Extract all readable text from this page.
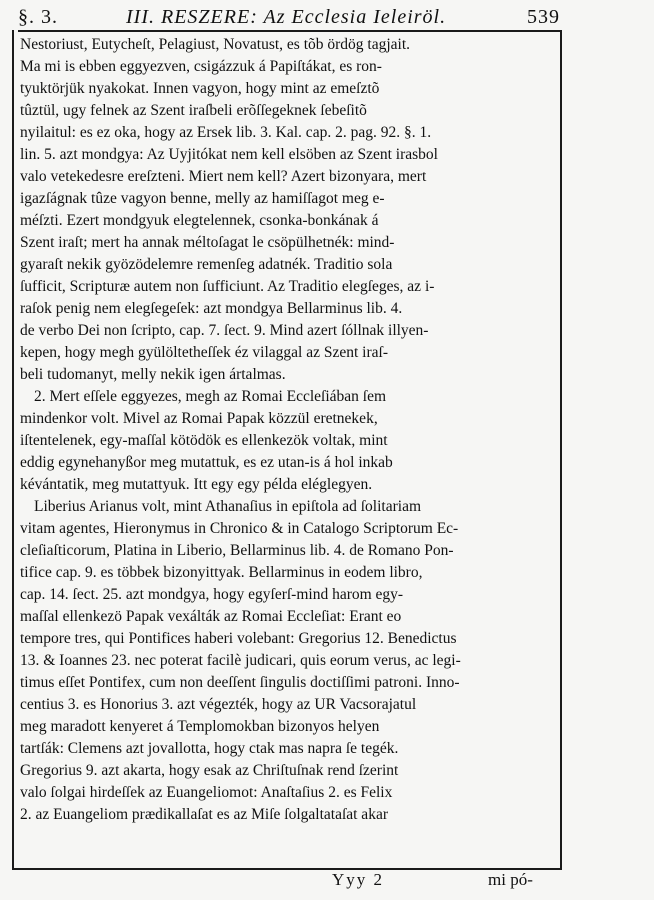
§. 3.	III. RESZERE: Az Ecclesia Ieleiröl.	539
Nestoriust, Eutycheſt, Pelagiust, Novatust, es tõb ördög tagjait.
Ma mi is ebben eggyezven, csigázzuk á Papiſtákat, es ron-
tyuktörjük nyakokat. Innen vagyon, hogy mint az emeſztõ
tûztül, ugy felnek az Szent iraſbeli erõſſegeknek ſebeſitõ
nyilaitul: es ez oka, hogy az Ersek lib. 3. Kal. cap. 2. pag. 92. §. 1.
lin. 5. azt mondgya: Az Uyjitókat nem kell elsöben az Szent irasbol
valo vetekedesre ereſzteni. Miert nem kell? Azert bizonyara, mert
igazſágnak tûze vagyon benne, melly az hamiſſagot meg e-
méſzti. Ezert mondgyuk elegtelennek, csonka-bonkának á
Szent iraſt; mert ha annak méltoſagat le csöpülhetnék: mind-
gyaraſt nekik gyözödelemre remenſeg adatnék. Traditio sola
ſufficit, Scripturæ autem non ſufficiunt. Az Traditio elegſeges, az i-
raſok penig nem elegſegeſek: azt mondgya Bellarminus lib. 4.
de verbo Dei non ſcripto, cap. 7. ſect. 9. Mind azert ſóllnak illyen-
kepen, hogy megh gyülöltetheſſek éz vilaggal az Szent iraſ-
beli tudomanyt, melly nekik igen ártalmas.
2. Mert eſſele eggyezes, megh az Romai Eccleſiában ſem
mindenkor volt. Mivel az Romai Papak közzül eretnekek,
iſtentelenek, egy-maſſal kötödök es ellenkezök voltak, mint
eddig egynehanyßor meg mutattuk, es ez utan-is á hol inkab
kévántatik, meg mutattyuk. Itt egy egy példa eléglegyen.
Liberius Arianus volt, mint Athanaſius in epiſtola ad ſolitariam
vitam agentes, Hieronymus in Chronico & in Catalogo Scriptorum Ec-
cleſiaſticorum, Platina in Liberio, Bellarminus lib. 4. de Romano Pon-
tifice cap. 9. es többek bizonyittyak. Bellarminus in eodem libro,
cap. 14. ſect. 25. azt mondgya, hogy egyſerſ-mind harom egy-
maſſal ellenkezö Papak vexálták az Romai Eccleſiat: Erant eo
tempore tres, qui Pontifices haberi volebant: Gregorius 12. Benedictus
13. & Ioannes 23. nec poterat facilè judicari, quis eorum verus, ac legi-
timus eſſet Pontifex, cum non deeſſent ſingulis doctiſſimi patroni. Inno-
centius 3. es Honorius 3. azt végezték, hogy az UR Vacsorajatul
meg maradott kenyeret á Templomokban bizonyos helyen
tartſák: Clemens azt jovallotta, hogy ctak mas napra ſe tegék.
Gregorius 9. azt akarta, hogy esak az Chriſtuſnak rend ſzerint
valo ſolgai hirdeſſek az Euangeliomot: Anaſtaſius 2. es Felix
2. az Euangeliom prædikallaſat es az Miſe ſolgaltataſat akar
Yyy 2	mi pó-
